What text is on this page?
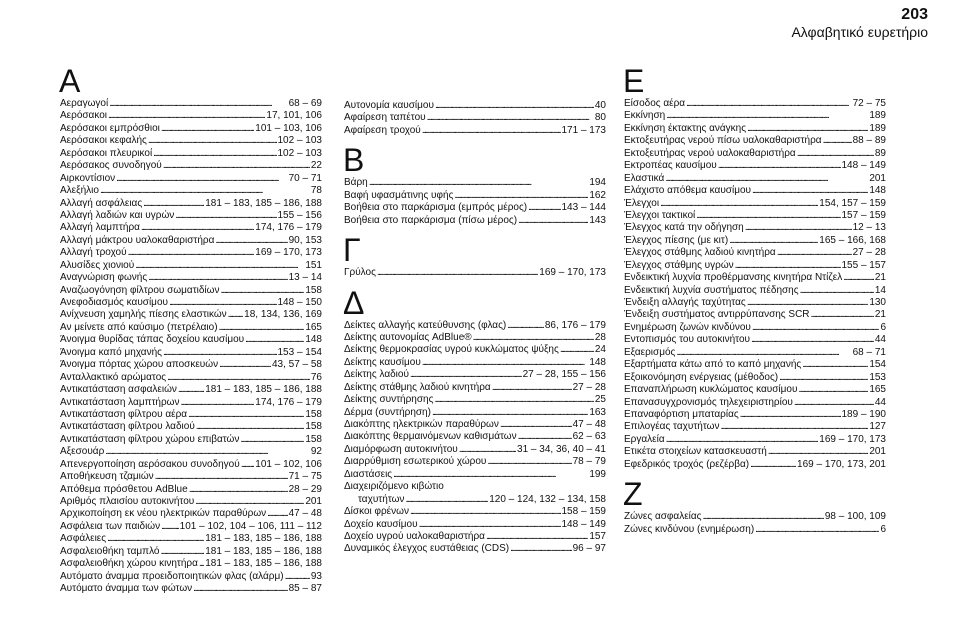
203
Αλφαβητικό ευρετήριο
A
Αεραγωγοί . . .	68 – 69
Αερόσακοι . . .	17, 101, 106
Αερόσακοι εμπρόσθιοι . . .	101 – 103, 106
Αερόσακοι κεφαλής . . .	102 – 103
Αερόσακοι πλευρικοί . . .	102 – 103
Αερόσακος συνοδηγού . . .	22
Αιρκοντίσιον . . .	70 – 71
Αλεξήλιο . . .	78
Αλλαγή ασφάλειας . . .	181 – 183, 185 – 186, 188
Αλλαγή λαδιών και υγρών . . .	155 – 156
Αλλαγή λαμπτήρα . . .	174, 176 – 179
Αλλαγή μάκτρου υαλοκαθαριστήρα . . .	90, 153
Αλλαγή τροχού . . .	169 – 170, 173
Αλυσίδες χιονιού . . .	151
Αναγνώριση φωνής . . .	13 – 14
Αναζωογόνηση φίλτρου σωματιδίων . . .	158
Ανεφοδιασμός καυσίμου . . .	148 – 150
Ανίχνευση χαμηλής πίεσης ελαστικών . . . 18, 134, 136, 169
Αν μείνετε από καύσιμο (πετρέλαιο) . . .	165
Άνοιγμα θυρίδας τάπας δοχείου καυσίμου . . .	148
Άνοιγμα καπό μηχανής . . .	153 – 154
Άνοιγμα πόρτας χώρου αποσκευών . . .	43, 57 – 58
Ανταλλακτικό αρώματος . . .	76
Αντικατάσταση ασφαλειών . . .	181 – 183, 185 – 186, 188
Αντικατάσταση λαμπτήρων . . .	174, 176 – 179
Αντικατάσταση φίλτρου αέρα . . .	158
Αντικατάσταση φίλτρου λαδιού . . .	158
Αντικατάσταση φίλτρου χώρου επιβατών . . .	158
Αξεσουάρ . . .	92
Απενεργοποίηση αερόσακου συνοδηγού . . . 101 – 102, 106
Αποθήκευση τζαμιών . . .	71 – 75
Απόθεμα πρόσθετου AdBlue . . .	28 – 29
Αριθμός πλαισίου αυτοκινήτου . . .	201
Αρχικοποίηση εκ νέου ηλεκτρικών παραθύρων . . . 47 – 48
Ασφάλεια των παιδιών . . . 101 – 102, 104 – 106, 111 – 112
Ασφάλειες . . .	181 – 183, 185 – 186, 188
Ασφαλειοθήκη ταμπλό . . .	181 – 183, 185 – 186, 188
Ασφαλειοθήκη χώρου κινητήρα . . . 181 – 183, 185 – 186, 188
Αυτόματο άναμμα προειδοποιητικών φλας (αλάρμ) . . .	93
Αυτόματο άναμμα των φώτων . . .	85 – 87
Αυτονομία καυσίμου . . .	40
Αφαίρεση ταπέτου . . .	80
Αφαίρεση τροχού . . .	171 – 173
B
Βάρη . . .	194
Βαφή υφασμάτινης υφής . . .	162
Βοήθεια στο παρκάρισμα (εμπρός μέρος) . . .	143 – 144
Βοήθεια στο παρκάρισμα (πίσω μέρος) . . .	143
Γ
Γρύλος . . .	169 – 170, 173
Δ
Δείκτες αλλαγής κατεύθυνσης (φλας) . . .	86, 176 – 179
Δείκτης αυτονομίας AdBlue® . . .	28
Δείκτης θερμοκρασίας υγρού κυκλώματος ψύξης . . .	24
Δείκτης καυσίμου . . .	148
Δείκτης λαδιού . . .	27 – 28, 155 – 156
Δείκτης στάθμης λαδιού κινητήρα . . .	27 – 28
Δείκτης συντήρησης . . .	25
Δέρμα (συντήρηση) . . .	163
Διακόπτης ηλεκτρικών παραθύρων . . .	47 – 48
Διακόπτης θερμαινόμενων καθισμάτων . . .	62 – 63
Διαμόρφωση αυτοκινήτου . . .	31 – 34, 36, 40 – 41
Διαρρύθμιση εσωτερικού χώρου . . .	78 – 79
Διαστάσεις . . .	199
Διαχειριζόμενο κιβώτιο
ταχυτήτων . . .	120 – 124, 132 – 134, 158
Δίσκοι φρένων . . .	158 – 159
Δοχείο καυσίμου . . .	148 – 149
Δοχείο υγρού υαλοκαθαριστήρα . . .	157
Δυναμικός έλεγχος ευστάθειας (CDS) . . .	96 – 97
E
Είσοδος αέρα . . .	72 – 75
Εκκίνηση . . .	189
Εκκίνηση έκτακτης ανάγκης . . .	189
Εκτοξευτήρας νερού πίσω υαλοκαθαριστήρα . . .	88 – 89
Εκτοξευτήρας νερού υαλοκαθαριστήρα . . .	89
Εκτροπέας καυσίμου . . .	148 – 149
Ελαστικά . . .	201
Ελάχιστο απόθεμα καυσίμου . . .	148
Έλεγχοι . . .	154, 157 – 159
Έλεγχοι τακτικοί . . .	157 – 159
Έλεγχος κατά την οδήγηση . . .	12 – 13
Έλεγχος πίεσης (με κιτ) . . .	165 – 166, 168
Έλεγχος στάθμης λαδιού κινητήρα . . .	27 – 28
Έλεγχος στάθμης υγρών . . .	155 – 157
Ενδεικτική λυχνία προθέρμανσης κινητήρα Ντίζελ . . .	21
Ενδεικτική λυχνία συστήματος πέδησης . . .	14
Ένδειξη αλλαγής ταχύτητας . . .	130
Ένδειξη συστήματος αντιρρύπανσης SCR . . .	21
Ενημέρωση ζωνών κινδύνου . . .	6
Εντοπισμός του αυτοκινήτου . . .	44
Εξαερισμός . . .	68 – 71
Εξαρτήματα κάτω από το καπό μηχανής . . .	154
Εξοικονόμηση ενέργειας (μέθοδος) . . .	153
Επαναπλήρωση κυκλώματος καυσίμου . . .	165
Επανασυγχρονισμός τηλεχειριστηρίου . . .	44
Επαναφόρτιση μπαταρίας . . .	189 – 190
Επιλογέας ταχυτήτων . . .	127
Εργαλεία . . .	169 – 170, 173
Ετικέτα στοιχείων κατασκευαστή . . .	201
Εφεδρικός τροχός (ρεζέρβα) . . .	169 – 170, 173, 201
Z
Ζώνες ασφαλείας . . .	98 – 100, 109
Ζώνες κινδύνου (ενημέρωση) . . .	6
